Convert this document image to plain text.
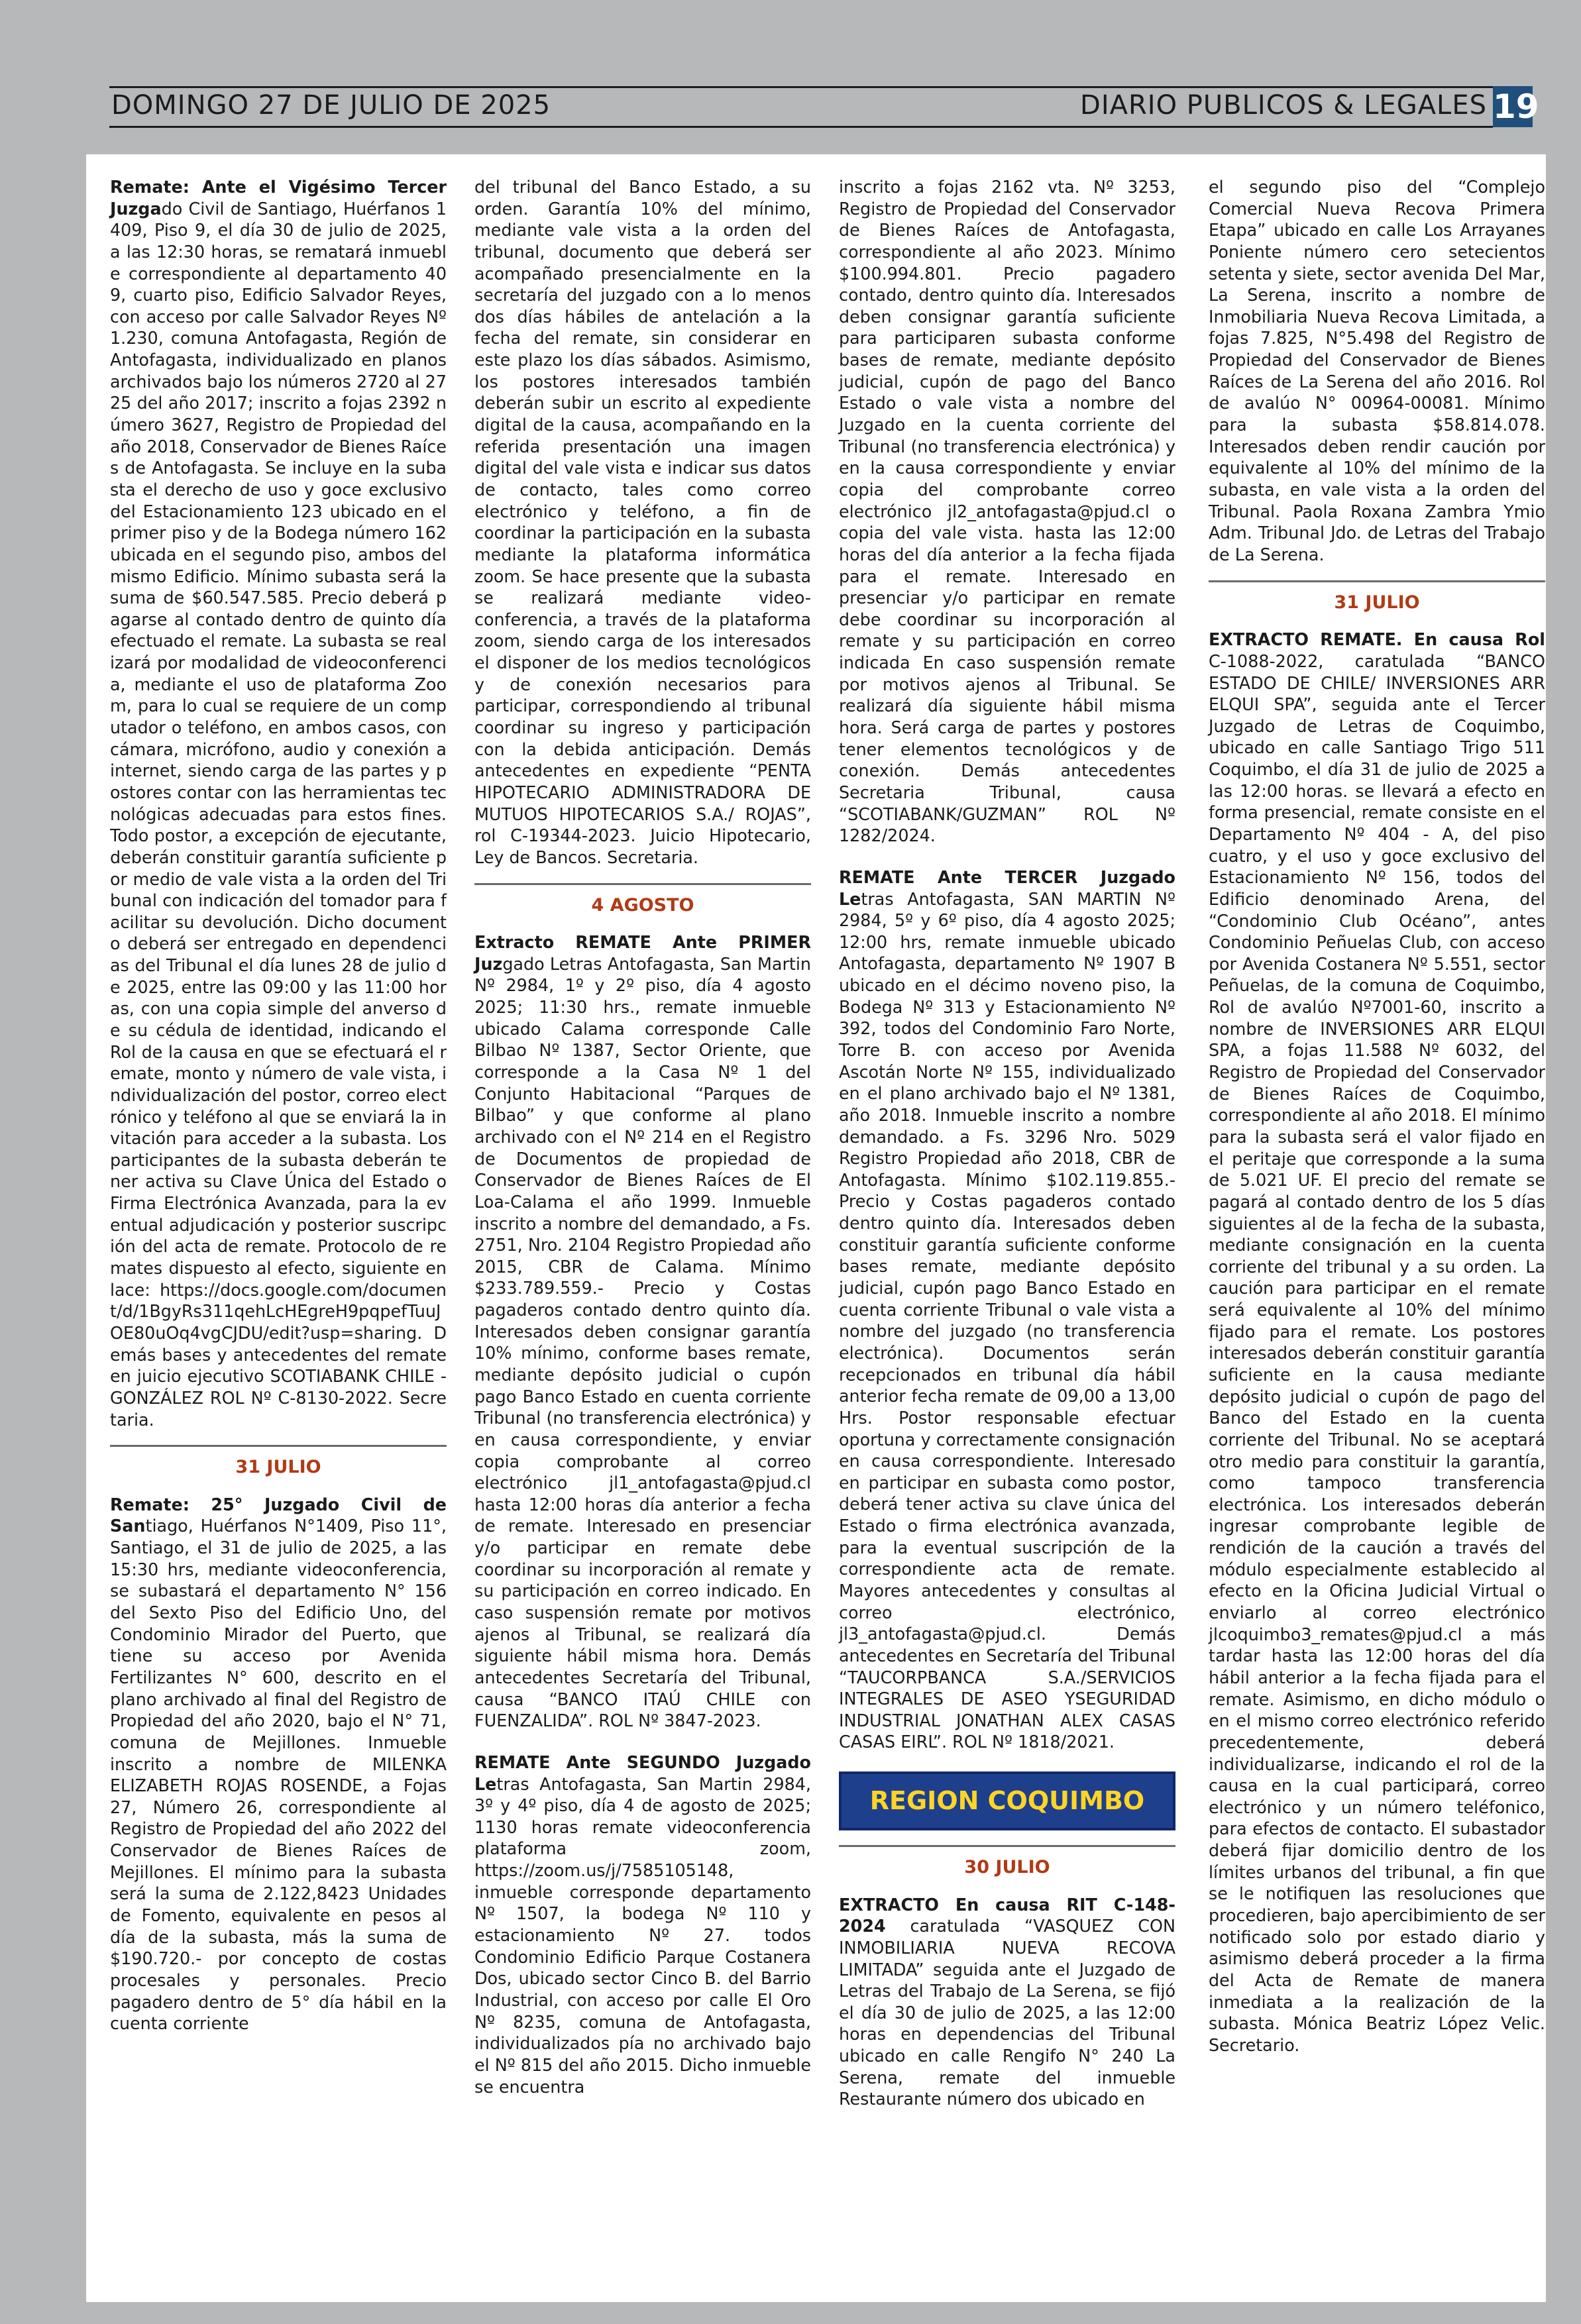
DOMINGO 27 DE JULIO DE 2025	DIARIO PUBLICOS & LEGALES 19

Remate: Ante el Vigésimo Tercer Juzgado Civil de Santiago, Huérfanos 1409, Piso 9, el día 30 de julio de 2025, a las 12:30 horas, se rematará inmueble correspondiente al departamento 409, cuarto piso, Edificio Salvador Reyes, con acceso por calle Salvador Reyes Nº 1.230, comuna Antofagasta, Región de Antofagasta, individualizado en planos archivados bajo los números 2720 al 2725 del año 2017; inscrito a fojas 2392 número 3627, Registro de Propiedad del año 2018, Conservador de Bienes Raíces de Antofagasta. Se incluye en la subasta el derecho de uso y goce exclusivo del Estacionamiento 123 ubicado en el primer piso y de la Bodega número 162 ubicada en el segundo piso, ambos del mismo Edificio. Mínimo subasta será la suma de $60.547.585. Precio deberá pagarse al contado dentro de quinto día efectuado el remate. La subasta se realizará por modalidad de videoconferencia, mediante el uso de plataforma Zoom, para lo cual se requiere de un computador o teléfono, en ambos casos, con cámara, micrófono, audio y conexión a internet, siendo carga de las partes y postores contar con las herramientas tecnológicas adecuadas para estos fines. Todo postor, a excepción de ejecutante, deberán constituir garantía suficiente por medio de vale vista a la orden del Tribunal con indicación del tomador para facilitar su devolución. Dicho documento deberá ser entregado en dependencias del Tribunal el día lunes 28 de julio de 2025, entre las 09:00 y las 11:00 horas, con una copia simple del anverso de su cédula de identidad, indicando el Rol de la causa en que se efectuará el remate, monto y número de vale vista, individualización del postor, correo electrónico y teléfono al que se enviará la invitación para acceder a la subasta. Los participantes de la subasta deberán tener activa su Clave Única del Estado o Firma Electrónica Avanzada, para la eventual adjudicación y posterior suscripción del acta de remate. Protocolo de remates dispuesto al efecto, siguiente enlace: https://docs.google.com/document/d/1BgyRs311qehLcHEgreH9pqpefTuuJOE80uOq4vgCJDU/edit?usp=sharing. Demás bases y antecedentes del remate en juicio ejecutivo SCOTIABANK CHILE - GONZÁLEZ ROL Nº C-8130-2022. Secretaria.

31 JULIO

Remate: 25° Juzgado Civil de Santiago, Huérfanos N°1409, Piso 11°, Santiago, el 31 de julio de 2025, a las 15:30 hrs, mediante videoconferencia, se subastará el departamento N° 156 del Sexto Piso del Edificio Uno, del Condominio Mirador del Puerto, que tiene su acceso por Avenida Fertilizantes N° 600, descrito en el plano archivado al final del Registro de Propiedad del año 2020, bajo el N° 71, comuna de Mejillones. Inmueble inscrito a nombre de MILENKA ELIZABETH ROJAS ROSENDE, a Fojas 27, Número 26, correspondiente al Registro de Propiedad del año 2022 del Conservador de Bienes Raíces de Mejillones. El mínimo para la subasta será la suma de 2.122,8423 Unidades de Fomento, equivalente en pesos al día de la subasta, más la suma de $190.720.- por concepto de costas procesales y personales. Precio pagadero dentro de 5° día hábil en la cuenta corriente

del tribunal del Banco Estado, a su orden. Garantía 10% del mínimo, mediante vale vista a la orden del tribunal, documento que deberá ser acompañado presencialmente en la secretaría del juzgado con a lo menos dos días hábiles de antelación a la fecha del remate, sin considerar en este plazo los días sábados. Asimismo, los postores interesados también deberán subir un escrito al expediente digital de la causa, acompañando en la referida presentación una imagen digital del vale vista e indicar sus datos de contacto, tales como correo electrónico y teléfono, a fin de coordinar la participación en la subasta mediante la plataforma informática zoom. Se hace presente que la subasta se realizará mediante video- conferencia, a través de la plataforma zoom, siendo carga de los interesados el disponer de los medios tecnológicos y de conexión necesarios para participar, correspondiendo al tribunal coordinar su ingreso y participación con la debida anticipación. Demás antecedentes en expediente “PENTA HIPOTECARIO ADMINISTRADORA DE MUTUOS HIPOTECARIOS S.A./ ROJAS”, rol C-19344-2023. Juicio Hipotecario, Ley de Bancos. Secretaria.

4 AGOSTO

Extracto REMATE Ante PRIMER Juzgado Letras Antofagasta, San Martin Nº 2984, 1º y 2º piso, día 4 agosto 2025; 11:30 hrs., remate inmueble ubicado Calama corresponde Calle Bilbao Nº 1387, Sector Oriente, que corresponde a la Casa Nº 1 del Conjunto Habitacional “Parques de Bilbao” y que conforme al plano archivado con el Nº 214 en el Registro de Documentos de propiedad de Conservador de Bienes Raíces de El Loa-Calama el año 1999. Inmueble inscrito a nombre del demandado, a Fs. 2751, Nro. 2104 Registro Propiedad año 2015, CBR de Calama. Mínimo $233.789.559.- Precio y Costas pagaderos contado dentro quinto día. Interesados deben consignar garantía 10% mínimo, conforme bases remate, mediante depósito judicial o cupón pago Banco Estado en cuenta corriente Tribunal (no transferencia electrónica) y en causa correspondiente, y enviar copia comprobante al correo electrónico jl1_antofagasta@pjud.cl hasta 12:00 horas día anterior a fecha de remate. Interesado en presenciar y/o participar en remate debe coordinar su incorporación al remate y su participación en correo indicado. En caso suspensión remate por motivos ajenos al Tribunal, se realizará día siguiente hábil misma hora. Demás antecedentes Secretaría del Tribunal, causa “BANCO ITAÚ CHILE con FUENZALIDA”. ROL Nº 3847-2023.

REMATE Ante SEGUNDO Juzgado Letras Antofagasta, San Martin 2984, 3º y 4º piso, día 4 de agosto de 2025; 1130 horas remate videoconferencia plataforma zoom, https://zoom.us/j/7585105148, inmueble corresponde departamento Nº 1507, la bodega Nº 110 y estacionamiento Nº 27. todos Condominio Edificio Parque Costanera Dos, ubicado sector Cinco B. del Barrio Industrial, con acceso por calle El Oro Nº 8235, comuna de Antofagasta, individualizados pía no archivado bajo el Nº 815 del año 2015. Dicho inmueble se encuentra

inscrito a fojas 2162 vta. Nº 3253, Registro de Propiedad del Conservador de Bienes Raíces de Antofagasta, correspondiente al año 2023. Mínimo $100.994.801. Precio pagadero contado, dentro quinto día. Interesados deben consignar garantía suficiente para participaren subasta conforme bases de remate, mediante depósito judicial, cupón de pago del Banco Estado o vale vista a nombre del Juzgado en la cuenta corriente del Tribunal (no transferencia electrónica) y en la causa correspondiente y enviar copia del comprobante correo electrónico jl2_antofagasta@pjud.cl o copia del vale vista. hasta las 12:00 horas del día anterior a la fecha fijada para el remate. Interesado en presenciar y/o participar en remate debe coordinar su incorporación al remate y su participación en correo indicada En caso suspensión remate por motivos ajenos al Tribunal. Se realizará día siguiente hábil misma hora. Será carga de partes y postores tener elementos tecnológicos y de conexión. Demás antecedentes Secretaria Tribunal, causa “SCOTIABANK/GUZMAN” ROL Nº 1282/2024.

REMATE Ante TERCER Juzgado Letras Antofagasta, SAN MARTIN Nº 2984, 5º y 6º piso, día 4 agosto 2025; 12:00 hrs, remate inmueble ubicado Antofagasta, departamento Nº 1907 B ubicado en el décimo noveno piso, la Bodega Nº 313 y Estacionamiento Nº 392, todos del Condominio Faro Norte, Torre B. con acceso por Avenida Ascotán Norte Nº 155, individualizado en el plano archivado bajo el Nº 1381, año 2018. Inmueble inscrito a nombre demandado. a Fs. 3296 Nro. 5029 Registro Propiedad año 2018, CBR de Antofagasta. Mínimo $102.119.855.- Precio y Costas pagaderos contado dentro quinto día. Interesados deben constituir garantía suficiente conforme bases remate, mediante depósito judicial, cupón pago Banco Estado en cuenta corriente Tribunal o vale vista a nombre del juzgado (no transferencia electrónica). Documentos serán recepcionados en tribunal día hábil anterior fecha remate de 09,00 a 13,00 Hrs. Postor responsable efectuar oportuna y correctamente consignación en causa correspondiente. Interesado en participar en subasta como postor, deberá tener activa su clave única del Estado o firma electrónica avanzada, para la eventual suscripción de la correspondiente acta de remate. Mayores antecedentes y consultas al correo electrónico, jl3_antofagasta@pjud.cl. Demás antecedentes en Secretaría del Tribunal “TAUCORPBANCA S.A./SERVICIOS INTEGRALES DE ASEO YSEGURIDAD INDUSTRIAL JONATHAN ALEX CASAS CASAS EIRL”. ROL Nº 1818/2021.

REGION COQUIMBO
30 JULIO

EXTRACTO En causa RIT C-148-2024 caratulada “VASQUEZ CON INMOBILIARIA NUEVA RECOVA LIMITADA” seguida ante el Juzgado de Letras del Trabajo de La Serena, se fijó el día 30 de julio de 2025, a las 12:00 horas en dependencias del Tribunal ubicado en calle Rengifo N° 240 La Serena, remate del inmueble Restaurante número dos ubicado en

el segundo piso del “Complejo Comercial Nueva Recova Primera Etapa” ubicado en calle Los Arrayanes Poniente número cero setecientos setenta y siete, sector avenida Del Mar, La Serena, inscrito a nombre de Inmobiliaria Nueva Recova Limitada, a fojas 7.825, N°5.498 del Registro de Propiedad del Conservador de Bienes Raíces de La Serena del año 2016. Rol de avalúo N° 00964-00081. Mínimo para la subasta $58.814.078. Interesados deben rendir caución por equivalente al 10% del mínimo de la subasta, en vale vista a la orden del Tribunal. Paola Roxana Zambra Ymio Adm. Tribunal Jdo. de Letras del Trabajo de La Serena.

31 JULIO

EXTRACTO REMATE. En causa Rol C-1088-2022, caratulada “BANCO ESTADO DE CHILE/ INVERSIONES ARR ELQUI SPA”, seguida ante el Tercer Juzgado de Letras de Coquimbo, ubicado en calle Santiago Trigo 511 Coquimbo, el día 31 de julio de 2025 a las 12:00 horas. se llevará a efecto en forma presencial, remate consiste en el Departamento Nº 404 - A, del piso cuatro, y el uso y goce exclusivo del Estacionamiento Nº 156, todos del Edificio denominado Arena, del “Condominio Club Océano”, antes Condominio Peñuelas Club, con acceso por Avenida Costanera Nº 5.551, sector Peñuelas, de la comuna de Coquimbo, Rol de avalúo Nº7001-60, inscrito a nombre de INVERSIONES ARR ELQUI SPA, a fojas 11.588 Nº 6032, del Registro de Propiedad del Conservador de Bienes Raíces de Coquimbo, correspondiente al año 2018. El mínimo para la subasta será el valor fijado en el peritaje que corresponde a la suma de 5.021 UF. El precio del remate se pagará al contado dentro de los 5 días siguientes al de la fecha de la subasta, mediante consignación en la cuenta corriente del tribunal y a su orden. La caución para participar en el remate será equivalente al 10% del mínimo fijado para el remate. Los postores interesados deberán constituir garantía suficiente en la causa mediante depósito judicial o cupón de pago del Banco del Estado en la cuenta corriente del Tribunal. No se aceptará otro medio para constituir la garantía, como tampoco transferencia electrónica. Los interesados deberán ingresar comprobante legible de rendición de la caución a través del módulo especialmente establecido al efecto en la Oficina Judicial Virtual o enviarlo al correo electrónico jlcoquimbo3_remates@pjud.cl a más tardar hasta las 12:00 horas del día hábil anterior a la fecha fijada para el remate. Asimismo, en dicho módulo o en el mismo correo electrónico referido precedentemente, deberá individualizarse, indicando el rol de la causa en la cual participará, correo electrónico y un número teléfonico, para efectos de contacto. El subastador deberá fijar domicilio dentro de los límites urbanos del tribunal, a fin que se le notifiquen las resoluciones que procedieren, bajo apercibimiento de ser notificado solo por estado diario y asimismo deberá proceder a la firma del Acta de Remate de manera inmediata a la realización de la subasta. Mónica Beatriz López Velic. Secretario.
